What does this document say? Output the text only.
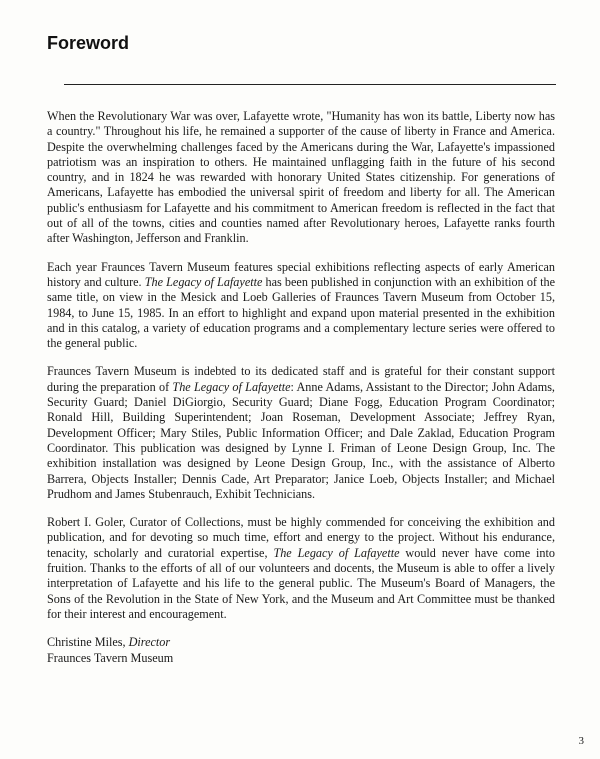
Foreword

When the Revolutionary War was over, Lafayette wrote, "Humanity has won its battle, Liberty now has a country." Throughout his life, he remained a supporter of the cause of liberty in France and America. Despite the overwhelming challenges faced by the Americans during the War, Lafayette's impassioned patriotism was an inspiration to others. He maintained unflagging faith in the future of his second country, and in 1824 he was rewarded with honorary United States citizenship. For generations of Americans, Lafayette has embodied the universal spirit of freedom and liberty for all. The American public's enthusiasm for Lafayette and his commitment to American freedom is reflected in the fact that out of all of the towns, cities and counties named after Revolutionary heroes, Lafayette ranks fourth after Washington, Jefferson and Franklin.

Each year Fraunces Tavern Museum features special exhibitions reflecting aspects of early American history and culture. The Legacy of Lafayette has been published in conjunction with an exhibition of the same title, on view in the Mesick and Loeb Galleries of Fraunces Tavern Museum from October 15, 1984, to June 15, 1985. In an effort to highlight and expand upon material presented in the exhibition and in this catalog, a variety of education programs and a complementary lecture series were offered to the general public.

Fraunces Tavern Museum is indebted to its dedicated staff and is grateful for their constant support during the preparation of The Legacy of Lafayette: Anne Adams, Assistant to the Director; John Adams, Security Guard; Daniel DiGiorgio, Security Guard; Diane Fogg, Education Program Coordinator; Ronald Hill, Building Superintendent; Joan Roseman, Development Associate; Jeffrey Ryan, Development Officer; Mary Stiles, Public Information Officer; and Dale Zaklad, Education Program Coordinator. This publication was designed by Lynne I. Friman of Leone Design Group, Inc. The exhibition installation was designed by Leone Design Group, Inc., with the assistance of Alberto Barrera, Objects Installer; Dennis Cade, Art Preparator; Janice Loeb, Objects Installer; and Michael Prudhom and James Stubenrauch, Exhibit Technicians.

Robert I. Goler, Curator of Collections, must be highly commended for conceiving the exhibition and publication, and for devoting so much time, effort and energy to the project. Without his endurance, tenacity, scholarly and curatorial expertise, The Legacy of Lafayette would never have come into fruition. Thanks to the efforts of all of our volunteers and docents, the Museum is able to offer a lively interpretation of Lafayette and his life to the general public. The Museum's Board of Managers, the Sons of the Revolution in the State of New York, and the Museum and Art Committee must be thanked for their interest and encouragement.

Christine Miles, Director
Fraunces Tavern Museum
3
